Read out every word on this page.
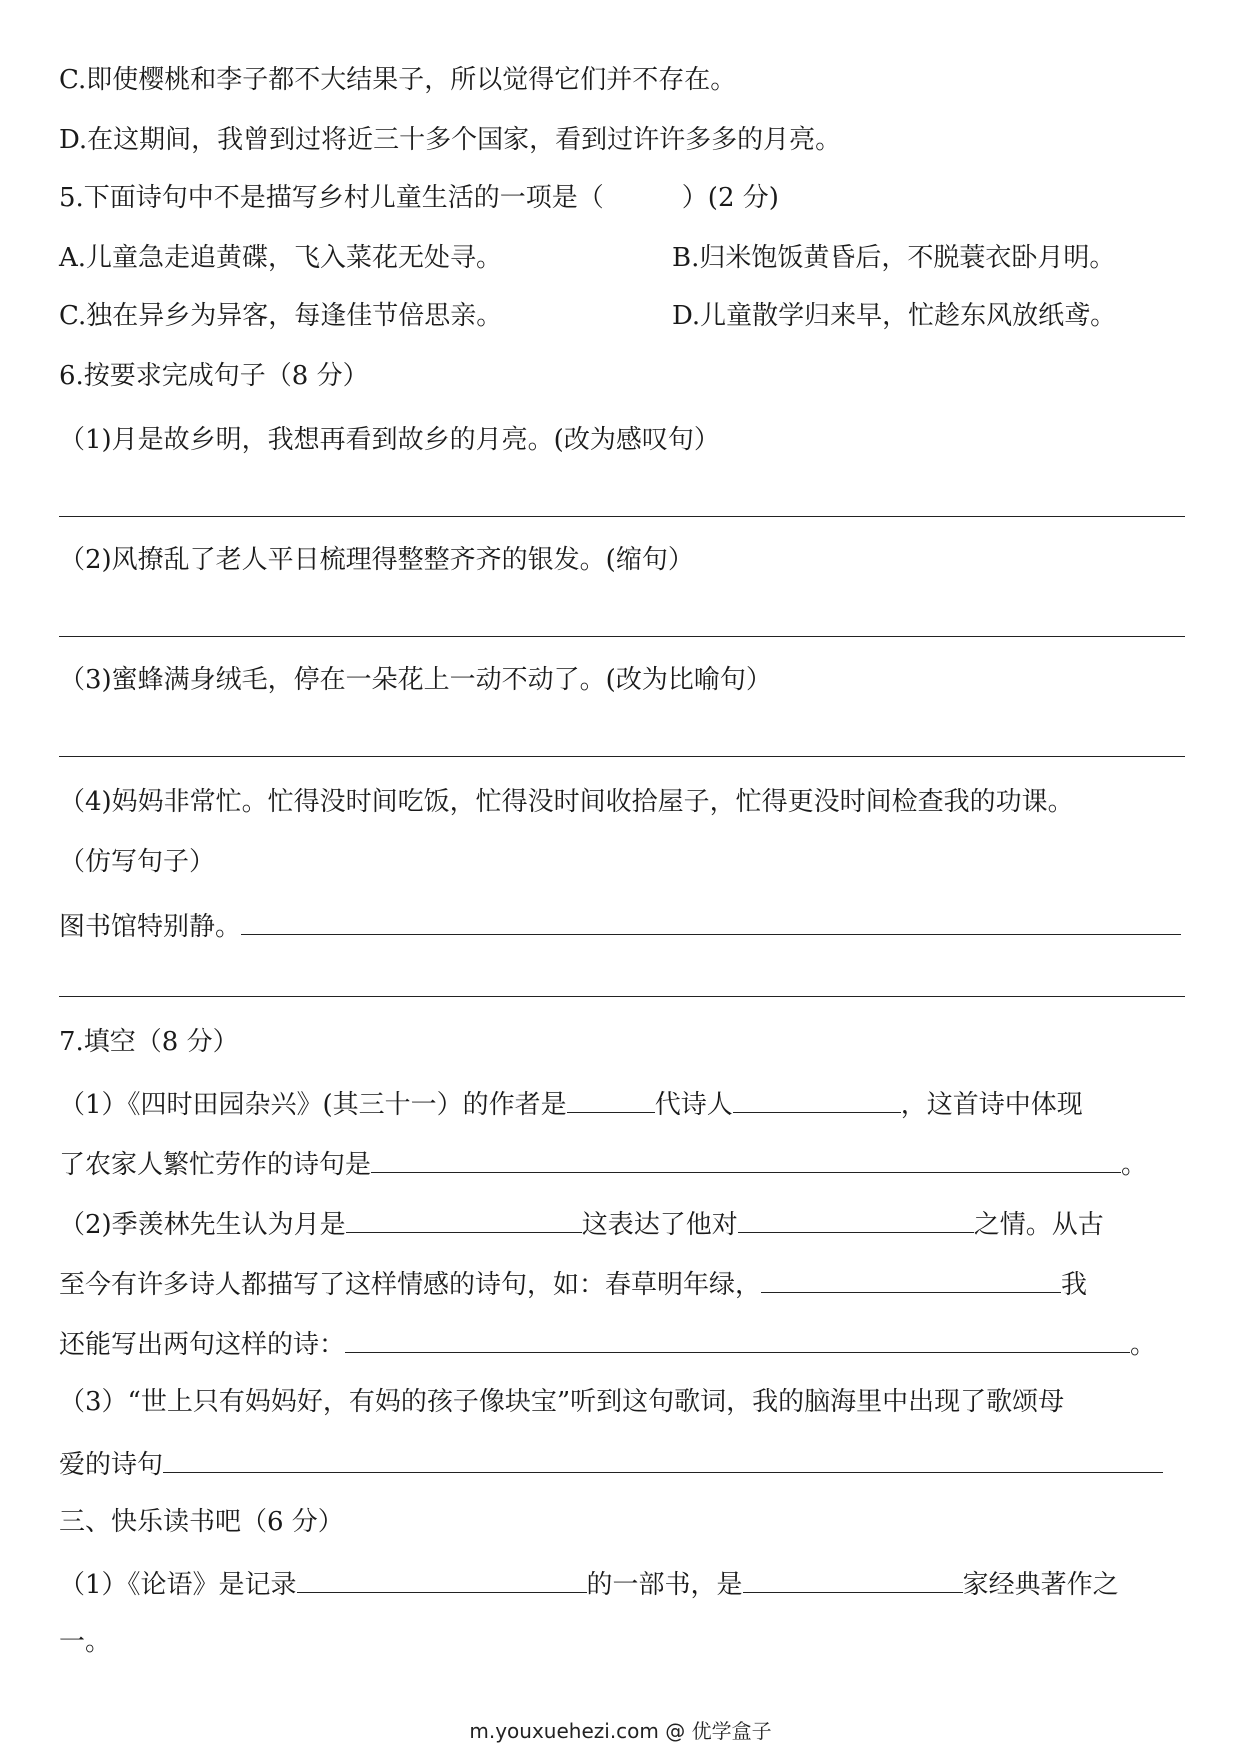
C.即使樱桃和李子都不大结果子，所以觉得它们并不存在。
D.在这期间，我曾到过将近三十多个国家，看到过许许多多的月亮。
5.下面诗句中不是描写乡村儿童生活的一项是（　　　）(2 分)
A.儿童急走追黄碟，飞入菜花无处寻。	B.归米饱饭黄昏后，不脱蓑衣卧月明。
C.独在异乡为异客，每逢佳节倍思亲。	D.儿童散学归来早，忙趁东风放纸鸢。
6.按要求完成句子（8 分）
（1)月是故乡明，我想再看到故乡的月亮。(改为感叹句）
（2)风撩乱了老人平日梳理得整整齐齐的银发。(缩句）
（3)蜜蜂满身绒毛，停在一朵花上一动不动了。(改为比喻句）
（4)妈妈非常忙。忙得没时间吃饭，忙得没时间收拾屋子，忙得更没时间检查我的功课。
（仿写句子）
图书馆特别静。
7.填空（8 分）
（1）《四时田园杂兴》(其三十一）的作者是	代诗人	，这首诗中体现
了农家人繁忙劳作的诗句是	。
（2)季羡林先生认为月是	这表达了他对	之情。从古
至今有许多诗人都描写了这样情感的诗句，如：春草明年绿，	我
还能写出两句这样的诗：	。
（3）“世上只有妈妈好，有妈的孩子像块宝”听到这句歌词，我的脑海里中出现了歌颂母
爱的诗句
三、快乐读书吧（6 分）
（1）《论语》是记录	的一部书，是	家经典著作之
一。
m.youxuehezi.com @ 优学盒子
